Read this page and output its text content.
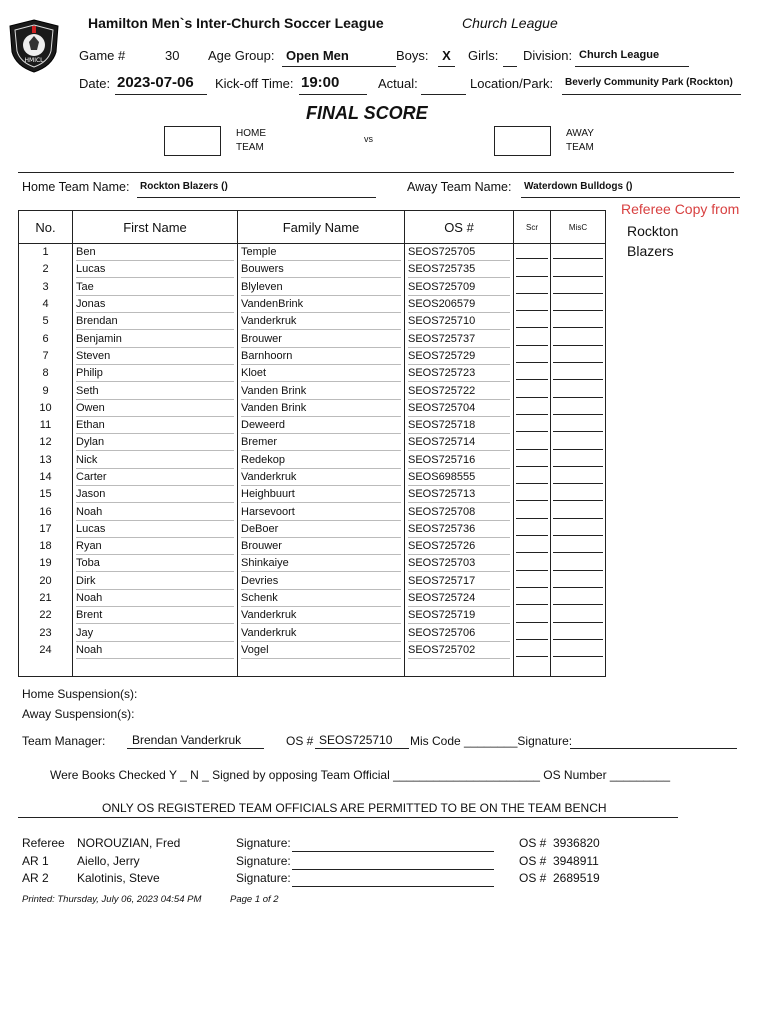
HMICL
Hamilton Men`s Inter-Church Soccer League	Church League
Game #	30 Age Group: Open Men	Boys:	X	Girls: Division: Church League
Date: 2023-07-06	Kick-off Time: 19:00	Actual:	Location/Park:	Beverly Community Park (Rockton)
FINAL SCORE
HOME
TEAM
vs	AWAY
TEAM
Home Team Name:	Rockton Blazers ()	Away Team Name:	Waterdown Bulldogs ()
Referee Copy from
Rockton
Blazers
No.	First Name	Family Name	OS #	Scr	MisC
1	Ben	Temple	SEOS725705		

2	Lucas	Bouwers	SEOS725735		

3	Tae	Blyleven	SEOS725709		

4	Jonas	VandenBrink	SEOS206579		

5	Brendan	Vanderkruk	SEOS725710		

6	Benjamin	Brouwer	SEOS725737		

7	Steven	Barnhoorn	SEOS725729		

8	Philip	Kloet	SEOS725723		

9	Seth	Vanden Brink	SEOS725722		

10	Owen	Vanden Brink	SEOS725704		

11	Ethan	Deweerd	SEOS725718		

12	Dylan	Bremer	SEOS725714		

13	Nick	Redekop	SEOS725716		

14	Carter	Vanderkruk	SEOS698555		

15	Jason	Heighbuurt	SEOS725713		

16	Noah	Harsevoort	SEOS725708		

17	Lucas	DeBoer	SEOS725736		

18	Ryan	Brouwer	SEOS725726		

19	Toba	Shinkaiye	SEOS725703		

20	Dirk	Devries	SEOS725717		

21	Noah	Schenk	SEOS725724		

22	Brent	Vanderkruk	SEOS725719		

23	Jay	Vanderkruk	SEOS725706		

24	Noah	Vogel	SEOS725702		

Home Suspension(s):
Away Suspension(s):
Team Manager:	Brendan Vanderkruk	OS # SEOS725710	Mis Code ________Signature:
Were Books Checked Y _ N _ Signed by opposing Team Official ______________________ OS Number _________
ONLY OS REGISTERED TEAM OFFICIALS ARE PERMITTED TO BE ON THE TEAM BENCH
Referee NOROUZIAN, Fred	Signature:	OS # 3936820
AR 1 Aiello, Jerry	Signature:	OS # 3948911
AR 2 Kalotinis, Steve	Signature:	OS # 2689519
Printed: Thursday, July 06, 2023 04:54 PM	Page 1 of 2
